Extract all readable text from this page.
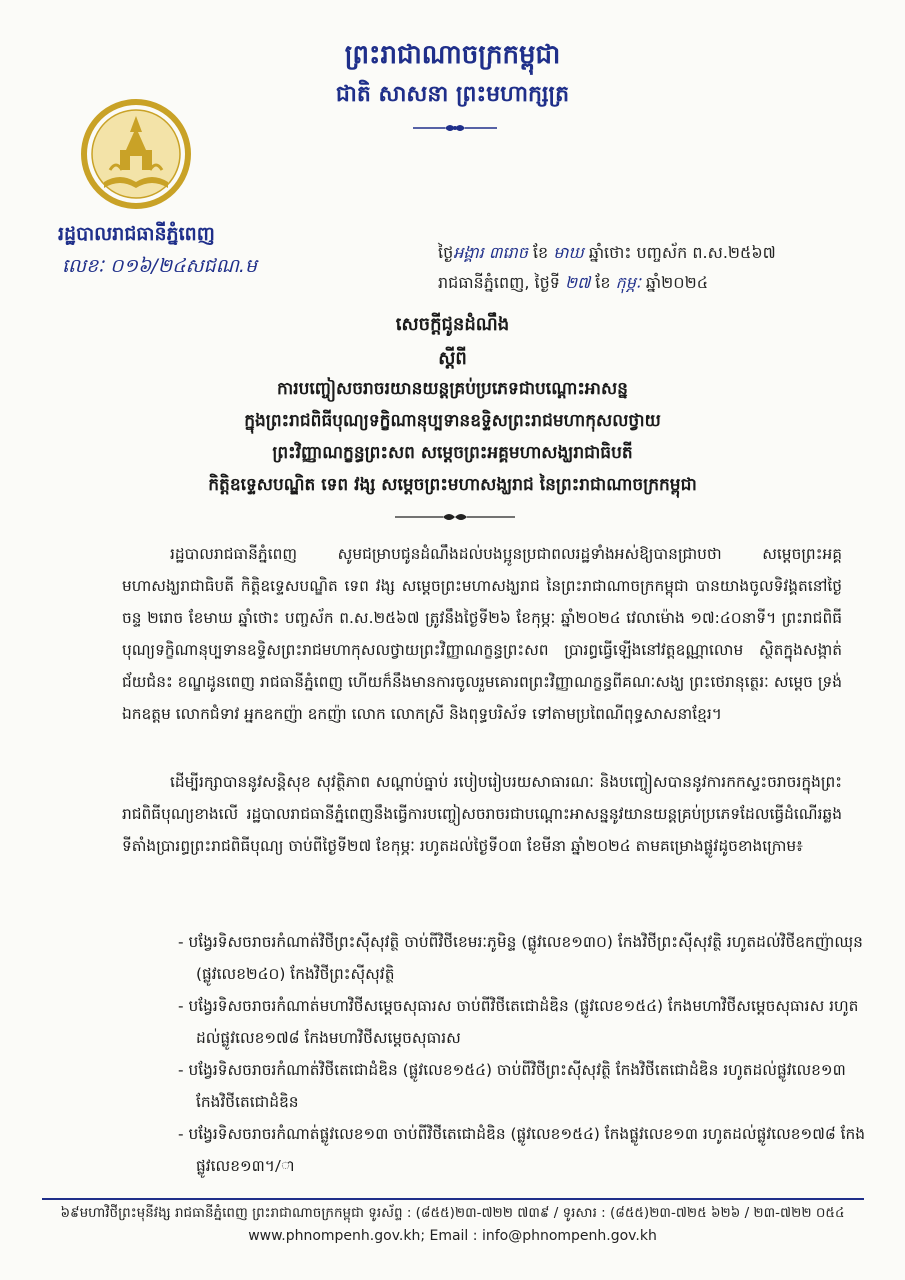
ព្រះរាជាណាចក្រកម្ពុជា
ជាតិ សាសនា ព្រះមហាក្សត្រ
រដ្ឋបាលរាជធានីភ្នំពេញ
លេខៈ ០១៦/២៤សជណ.ម
ថ្ងៃអង្គារ ៣រោច ខែ មាឃ ឆ្នាំថោះ បញ្ចស័ក ព.ស.២៥៦៧
រាជធានីភ្នំពេញ, ថ្ងៃទី ២៧ ខែ កុម្ភៈ ឆ្នាំ២០២៤
សេចក្តីជូនដំណឹង
ស្តីពី
ការបញ្ចៀសចរាចរយានយន្តគ្រប់ប្រភេទជាបណ្តោះអាសន្ន
ក្នុងព្រះរាជពិធីបុណ្យទក្ខិណានុប្បទានឧទ្ទិសព្រះរាជមហាកុសលថ្វាយ
ព្រះវិញ្ញាណក្ខន្ធព្រះសព សម្តេចព្រះអគ្គមហាសង្ឃរាជាធិបតី
កិត្តិឧទ្ទេសបណ្ឌិត ទេព វង្ស សម្តេចព្រះមហាសង្ឃរាជ នៃព្រះរាជាណាចក្រកម្ពុជា
រដ្ឋបាលរាជធានីភ្នំពេញ សូមជម្រាបជូនដំណឹងដល់បងប្អូនប្រជាពលរដ្ឋទាំងអស់ឱ្យបានជ្រាបថា សម្តេចព្រះអគ្គមហាសង្ឃរាជាធិបតី កិត្តិឧទ្ទេសបណ្ឌិត ទេព វង្ស សម្តេចព្រះមហាសង្ឃរាជ នៃព្រះរាជាណាចក្រកម្ពុជា បានយាងចូលទិវង្គតនៅថ្ងៃចន្ទ ២រោច ខែមាឃ ឆ្នាំថោះ បញ្ចស័ក ព.ស.២៥៦៧ ត្រូវនឹងថ្ងៃទី២៦ ខែកុម្ភៈ ឆ្នាំ២០២៤ វេលាម៉ោង ១៧:៤០នាទី។ ព្រះរាជពិធីបុណ្យទក្ខិណានុប្បទានឧទ្ទិសព្រះរាជមហាកុសលថ្វាយព្រះវិញ្ញាណក្ខន្ធព្រះសព ប្រារព្ធធ្វើឡើងនៅវត្តឧណ្ណាលោម ស្ថិតក្នុងសង្កាត់ជ័យជំនះ ខណ្ឌដូនពេញ រាជធានីភ្នំពេញ ហើយក៏នឹងមានការចូលរួមគោរពព្រះវិញ្ញាណក្ខន្ធពីគណៈសង្ឃ ព្រះថេរានុត្ថេរៈ សម្តេច ទ្រង់ ឯកឧត្តម លោកជំទាវ អ្នកឧកញ៉ា ឧកញ៉ា លោក លោកស្រី និងពុទ្ធបរិស័ទ ទៅតាមប្រពៃណីពុទ្ធសាសនាខ្មែរ។
ដើម្បីរក្សាបាននូវសន្តិសុខ សុវត្ថិភាព សណ្តាប់ធ្នាប់ របៀបរៀបរយសាធារណៈ និងបញ្ចៀសបាននូវការកកស្ទះចរាចរក្នុងព្រះរាជពិធីបុណ្យខាងលើ រដ្ឋបាលរាជធានីភ្នំពេញនឹងធ្វើការបញ្ចៀសចរាចរជាបណ្តោះអាសន្ននូវយានយន្តគ្រប់ប្រភេទដែលធ្វើដំណើរឆ្លងទីតាំងប្រារព្ធព្រះរាជពិធីបុណ្យ ចាប់ពីថ្ងៃទី២៧ ខែកុម្ភៈ រហូតដល់ថ្ងៃទី០៣ ខែមីនា ឆ្នាំ២០២៤ តាមគម្រោងផ្លូវដូចខាងក្រោម៖
- បង្វែរទិសចរាចរកំណាត់វិថីព្រះស៊ីសុវត្ថិ ចាប់ពីវិថីខេមរៈភូមិន្ទ (ផ្លូវលេខ១៣០) កែងវិថីព្រះស៊ីសុវត្ថិ រហូតដល់វិថីឧកញ៉ាឈុន (ផ្លូវលេខ២៤០) កែងវិថីព្រះស៊ីសុវត្ថិ
- បង្វែរទិសចរាចរកំណាត់មហាវិថីសម្តេចសុធារស ចាប់ពីវិថីតេជោដំឌិន (ផ្លូវលេខ១៥៤) កែងមហាវិថីសម្តេចសុធារស រហូតដល់ផ្លូវលេខ១៧៨ កែងមហាវិថីសម្តេចសុធារស
- បង្វែរទិសចរាចរកំណាត់វិថីតេជោដំឌិន (ផ្លូវលេខ១៥៤) ចាប់ពីវិថីព្រះស៊ីសុវត្ថិ កែងវិថីតេជោដំឌិន រហូតដល់ផ្លូវលេខ១៣ កែងវិថីតេជោដំឌិន
- បង្វែរទិសចរាចរកំណាត់ផ្លូវលេខ១៣ ចាប់ពីវិថីតេជោដំឌិន (ផ្លូវលេខ១៥៤) កែងផ្លូវលេខ១៣ រហូតដល់ផ្លូវលេខ១៧៨ កែងផ្លូវលេខ១៣។/ា
៦៩មហាវិថីព្រះមុនីវង្ស រាជធានីភ្នំពេញ ព្រះរាជាណាចក្រកម្ពុជា ទូរស័ព្ទ : (៨៥៥)២៣-៧២២ ៧៣៩ / ទូរសារ : (៨៥៥)២៣-៧២៥ ៦២៦ / ២៣-៧២២ ០៥៤
www.phnompenh.gov.kh; Email : info@phnompenh.gov.kh
